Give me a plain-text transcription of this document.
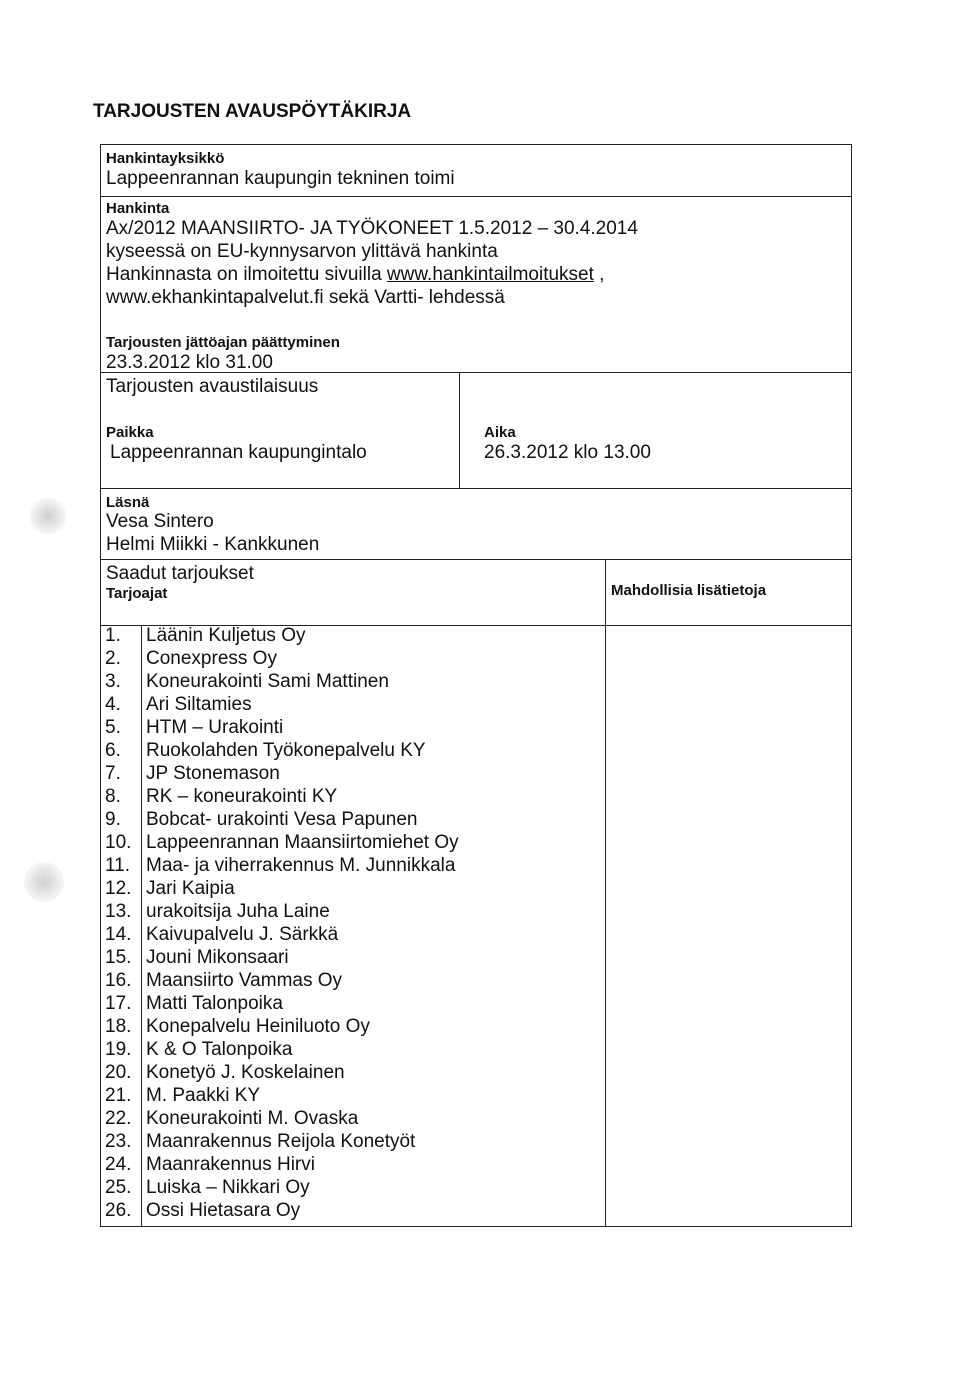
TARJOUSTEN AVAUSPÖYTÄKIRJA
Hankintayksikkö
Lappeenrannan kaupungin tekninen toimi
Hankinta
Ax/2012 MAANSIIRTO- JA TYÖKONEET 1.5.2012 – 30.4.2014
kyseessä on EU-kynnysarvon ylittävä hankinta
Hankinnasta on ilmoitettu sivuilla www.hankintailmoitukset ,
www.ekhankintapalvelut.fi sekä Vartti- lehdessä
Tarjousten jättöajan päättyminen
23.3.2012 klo 31.00
Tarjousten avaustilaisuus
Paikka
Lappeenrannan kaupungintalo
Aika
26.3.2012 klo 13.00
Läsnä
Vesa Sintero
Helmi Miikki - Kankkunen
Saadut tarjoukset
Tarjoajat	Mahdollisia lisätietoja
1.	Läänin Kuljetus Oy
2.	Conexpress Oy
3.	Koneurakointi Sami Mattinen
4.	Ari Siltamies
5.	HTM – Urakointi
6.	Ruokolahden Työkonepalvelu KY
7.	JP Stonemason
8.	RK – koneurakointi KY
9.	Bobcat- urakointi Vesa Papunen
10. Lappeenrannan Maansiirtomiehet Oy
11. Maa- ja viherrakennus M. Junnikkala
12. Jari Kaipia
13. urakoitsija Juha Laine
14. Kaivupalvelu J. Särkkä
15. Jouni Mikonsaari
16. Maansiirto Vammas Oy
17. Matti Talonpoika
18. Konepalvelu Heiniluoto Oy
19. K & O Talonpoika
20. Konetyö J. Koskelainen
21. M. Paakki KY
22. Koneurakointi M. Ovaska
23. Maanrakennus Reijola Konetyöt
24. Maanrakennus Hirvi
25. Luiska – Nikkari Oy
26. Ossi Hietasara Oy
